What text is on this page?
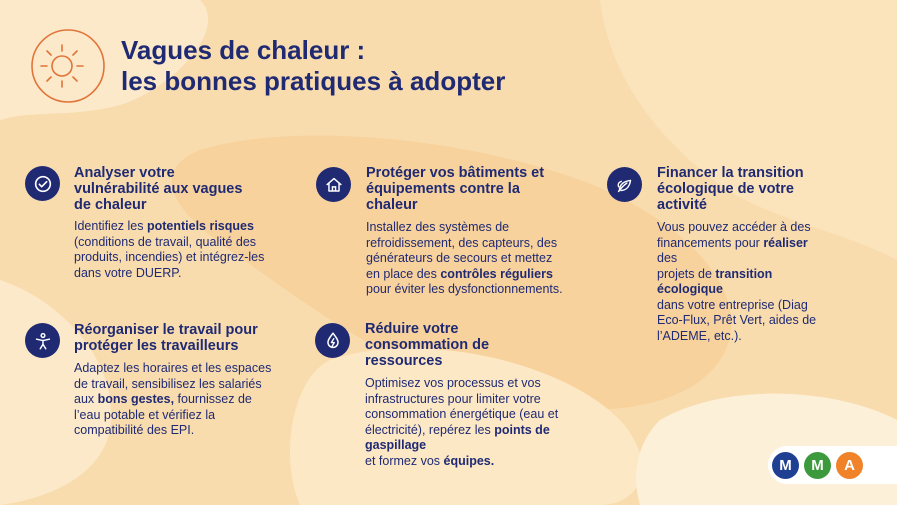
Vagues de chaleur :
les bonnes pratiques à adopter
Analyser votre
vulnérabilité aux vagues
de chaleur
Identifiez les potentiels risques
(conditions de travail, qualité des
produits, incendies) et intégrez-les
dans votre DUERP.
Protéger vos bâtiments et
équipements contre la
chaleur
Installez des systèmes de
refroidissement, des capteurs, des
générateurs de secours et mettez
en place des contrôles réguliers
pour éviter les dysfonctionnements.
Financer la transition
écologique de votre
activité
Vous pouvez accéder à des
financements pour réaliser des
projets de transition écologique
dans votre entreprise (Diag
Eco-Flux, Prêt Vert, aides de
l’ADEME, etc.).
Réorganiser le travail pour
protéger les travailleurs
Adaptez les horaires et les espaces
de travail, sensibilisez les salariés
aux bons gestes, fournissez de
l’eau potable et vérifiez la
compatibilité des EPI.
Réduire votre
consommation de
ressources
Optimisez vos processus et vos
infrastructures pour limiter votre
consommation énergétique (eau et
électricité), repérez les points de
gaspillage et formez vos équipes.	M	M	A
